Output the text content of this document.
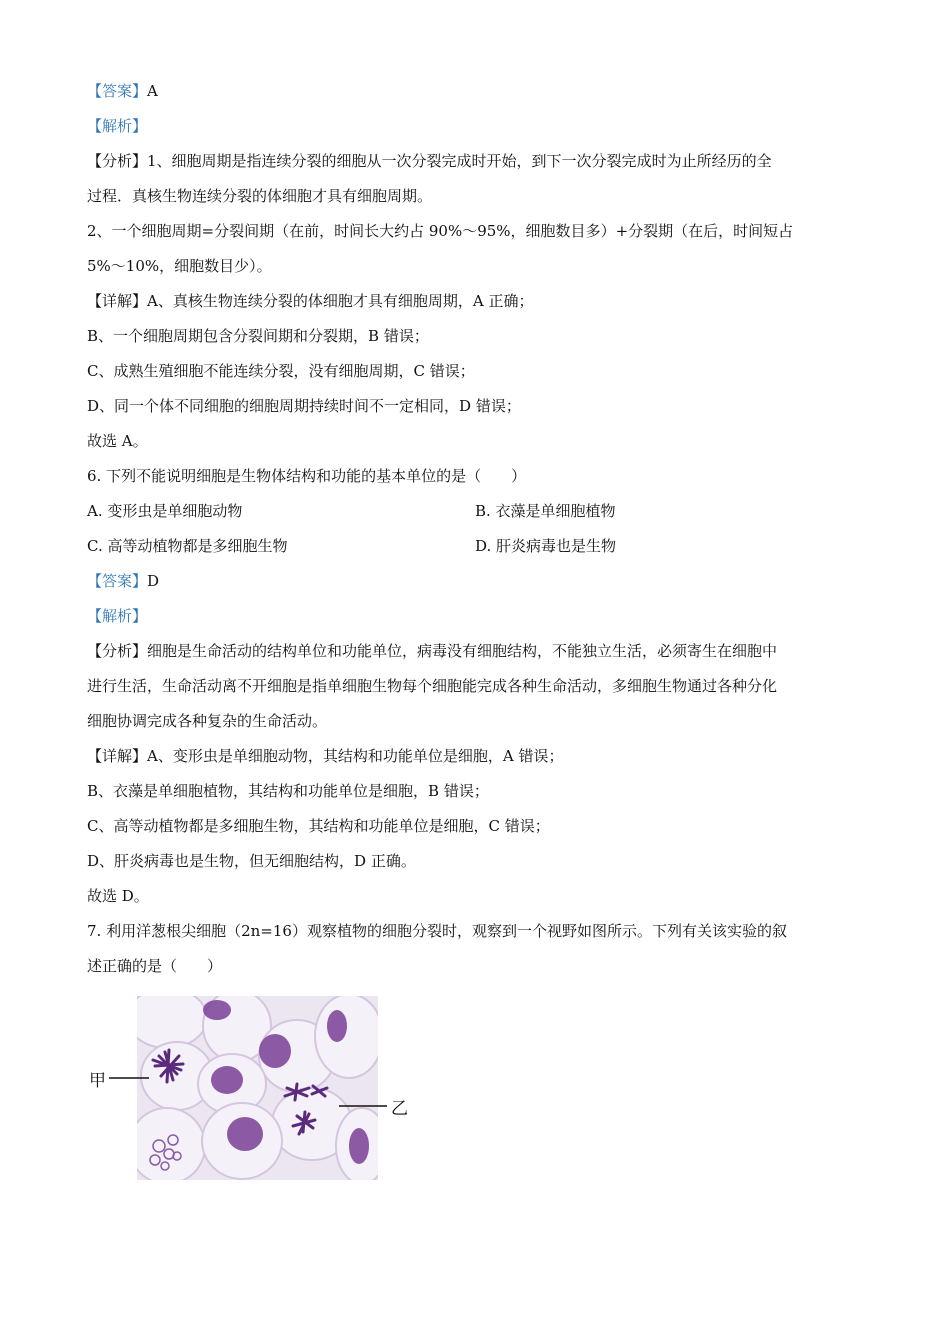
【答案】A
【解析】
【分析】1、细胞周期是指连续分裂的细胞从一次分裂完成时开始，到下一次分裂完成时为止所经历的全
过程．真核生物连续分裂的体细胞才具有细胞周期。
2、一个细胞周期=分裂间期（在前，时间长大约占 90%～95%，细胞数目多）+分裂期（在后，时间短占
5%～10%，细胞数目少）。
【详解】A、真核生物连续分裂的体细胞才具有细胞周期，A 正确；
B、一个细胞周期包含分裂间期和分裂期，B 错误；
C、成熟生殖细胞不能连续分裂，没有细胞周期，C 错误；
D、同一个体不同细胞的细胞周期持续时间不一定相同，D 错误；
故选 A。
6. 下列不能说明细胞是生物体结构和功能的基本单位的是（　　）
A. 变形虫是单细胞动物	B. 衣藻是单细胞植物
C. 高等动植物都是多细胞生物	D. 肝炎病毒也是生物
【答案】D
【解析】
【分析】细胞是生命活动的结构单位和功能单位，病毒没有细胞结构，不能独立生活，必须寄生在细胞中
进行生活，生命活动离不开细胞是指单细胞生物每个细胞能完成各种生命活动，多细胞生物通过各种分化
细胞协调完成各种复杂的生命活动。
【详解】A、变形虫是单细胞动物，其结构和功能单位是细胞，A 错误；
B、衣藻是单细胞植物，其结构和功能单位是细胞，B 错误；
C、高等动植物都是多细胞生物，其结构和功能单位是细胞，C 错误；
D、肝炎病毒也是生物，但无细胞结构，D 正确。
故选 D。
7. 利用洋葱根尖细胞（2n=16）观察植物的细胞分裂时，观察到一个视野如图所示。下列有关该实验的叙
述正确的是（　　）
甲
乙
